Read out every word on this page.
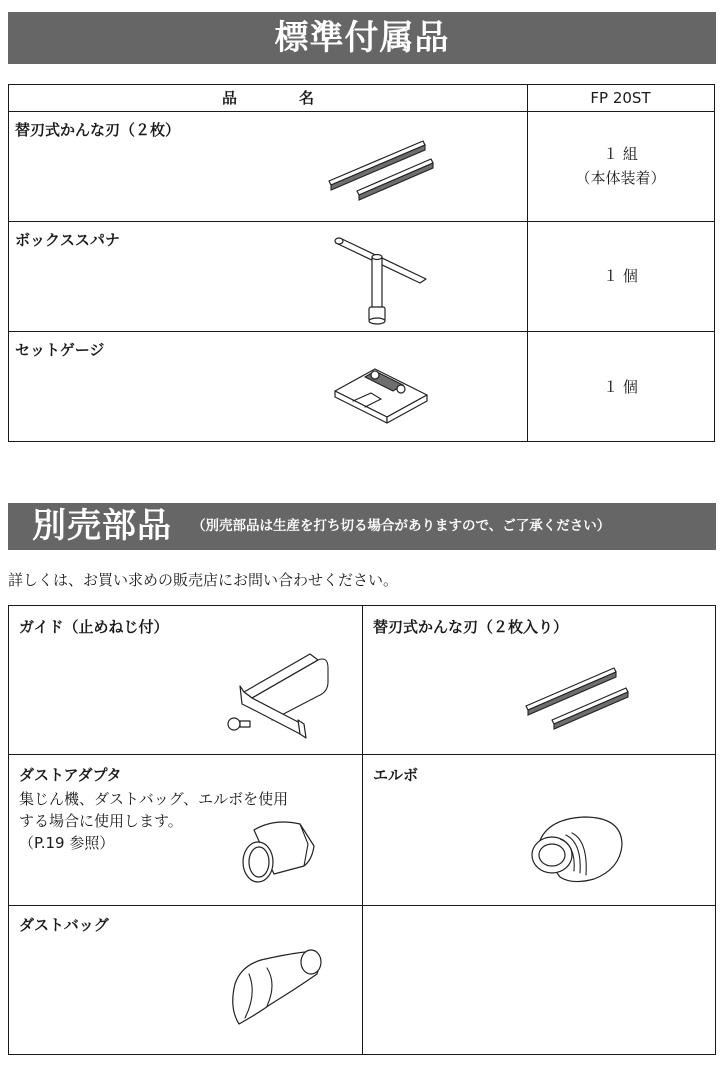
標準付属品
品名	FP 20ST
替刃式かんな刃（２枚）
１ 組
（本体装着）
ボックススパナ
１ 個
セットゲージ
１ 個
別売部品 （別売部品は生産を打ち切る場合がありますので、ご了承ください）
詳しくは、お買い求めの販売店にお問い合わせください。
ガイド（止めねじ付）	替刃式かんな刃（２枚入り）
ダストアダプタ
集じん機、ダストバッグ、エルボを使用
する場合に使用します。
（P.19 参照）
エルボ
ダストバッグ
